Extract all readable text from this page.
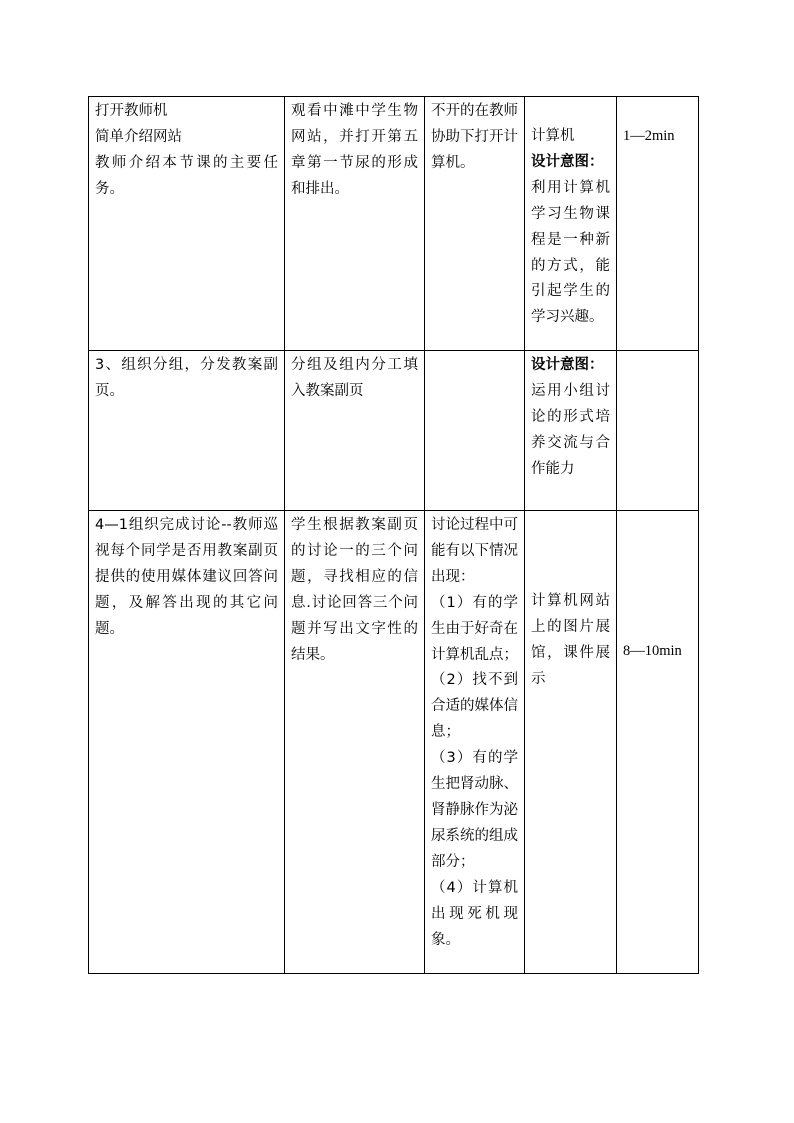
打开教师机
简单介绍网站
教师介绍本节课的主要任务。	观看中滩中学生物网站，并打开第五章第一节尿的形成和排出。	不开的在教师协助下打开计算机。	计算机
设计意图：
利用计算机学习生物课程是一种新的方式，能引起学生的学习兴趣。	1—2min

3、组织分组，分发教案副页。	分组及组内分工填入教案副页		设计意图：
运用小组讨论的形式培养交流与合作能力	

4—1组织完成讨论--教师巡视每个同学是否用教案副页提供的使用媒体建议回答问题，及解答出现的其它问题。	学生根据教案副页的讨论一的三个问题，寻找相应的信息.讨论回答三个问题并写出文字性的结果。	讨论过程中可能有以下情况出现：
（1）有的学生由于好奇在计算机乱点；
（2）找不到合适的媒体信息；
（3）有的学生把肾动脉、肾静脉作为泌尿系统的组成部分；
（4）计算机出现死机现象。	计算机网站上的图片展馆，课件展示	8—10min
